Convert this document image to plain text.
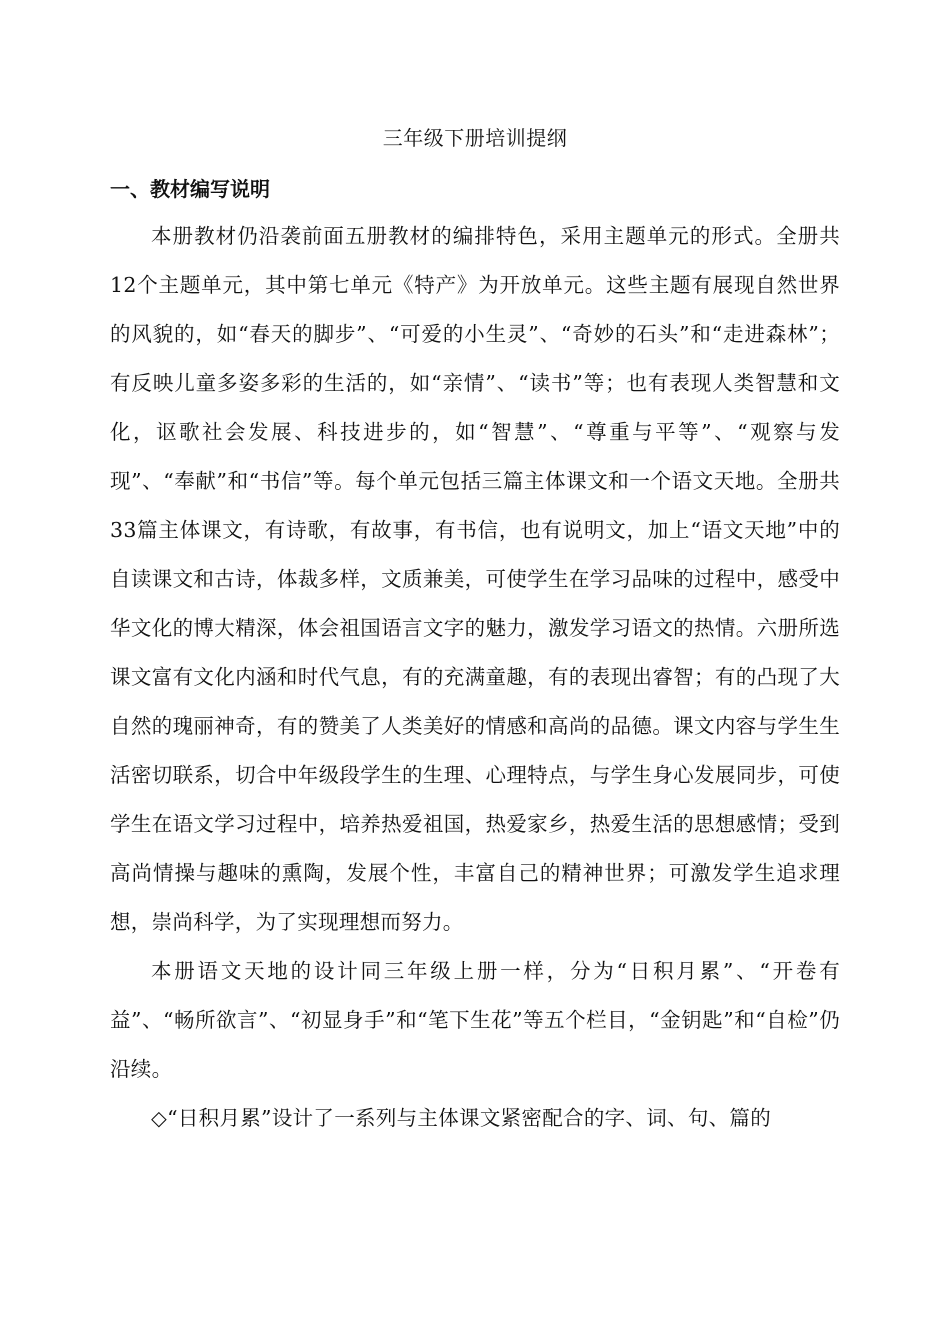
三年级下册培训提纲
一、教材编写说明

本册教材仍沿袭前面五册教材的编排特色，采用主题单元的形式。全册共12个主题单元，其中第七单元《特产》为开放单元。这些主题有展现自然世界的风貌的，如“春天的脚步”、“可爱的小生灵”、“奇妙的石头”和“走进森林”；有反映儿童多姿多彩的生活的，如“亲情”、“读书”等；也有表现人类智慧和文化，讴歌社会发展、科技进步的，如“智慧”、“尊重与平等”、“观察与发现”、“奉献”和“书信”等。每个单元包括三篇主体课文和一个语文天地。全册共33篇主体课文，有诗歌，有故事，有书信，也有说明文，加上“语文天地”中的自读课文和古诗，体裁多样，文质兼美，可使学生在学习品味的过程中，感受中华文化的博大精深，体会祖国语言文字的魅力，激发学习语文的热情。六册所选课文富有文化内涵和时代气息，有的充满童趣，有的表现出睿智；有的凸现了大自然的瑰丽神奇，有的赞美了人类美好的情感和高尚的品德。课文内容与学生生活密切联系，切合中年级段学生的生理、心理特点，与学生身心发展同步，可使学生在语文学习过程中，培养热爱祖国，热爱家乡，热爱生活的思想感情；受到高尚情操与趣味的熏陶，发展个性，丰富自己的精神世界；可激发学生追求理想，崇尚科学，为了实现理想而努力。

本册语文天地的设计同三年级上册一样，分为“日积月累”、“开卷有益”、“畅所欲言”、“初显身手”和“笔下生花”等五个栏目，“金钥匙”和“自检”仍沿续。

◇“日积月累”设计了一系列与主体课文紧密配合的字、词、句、篇的
